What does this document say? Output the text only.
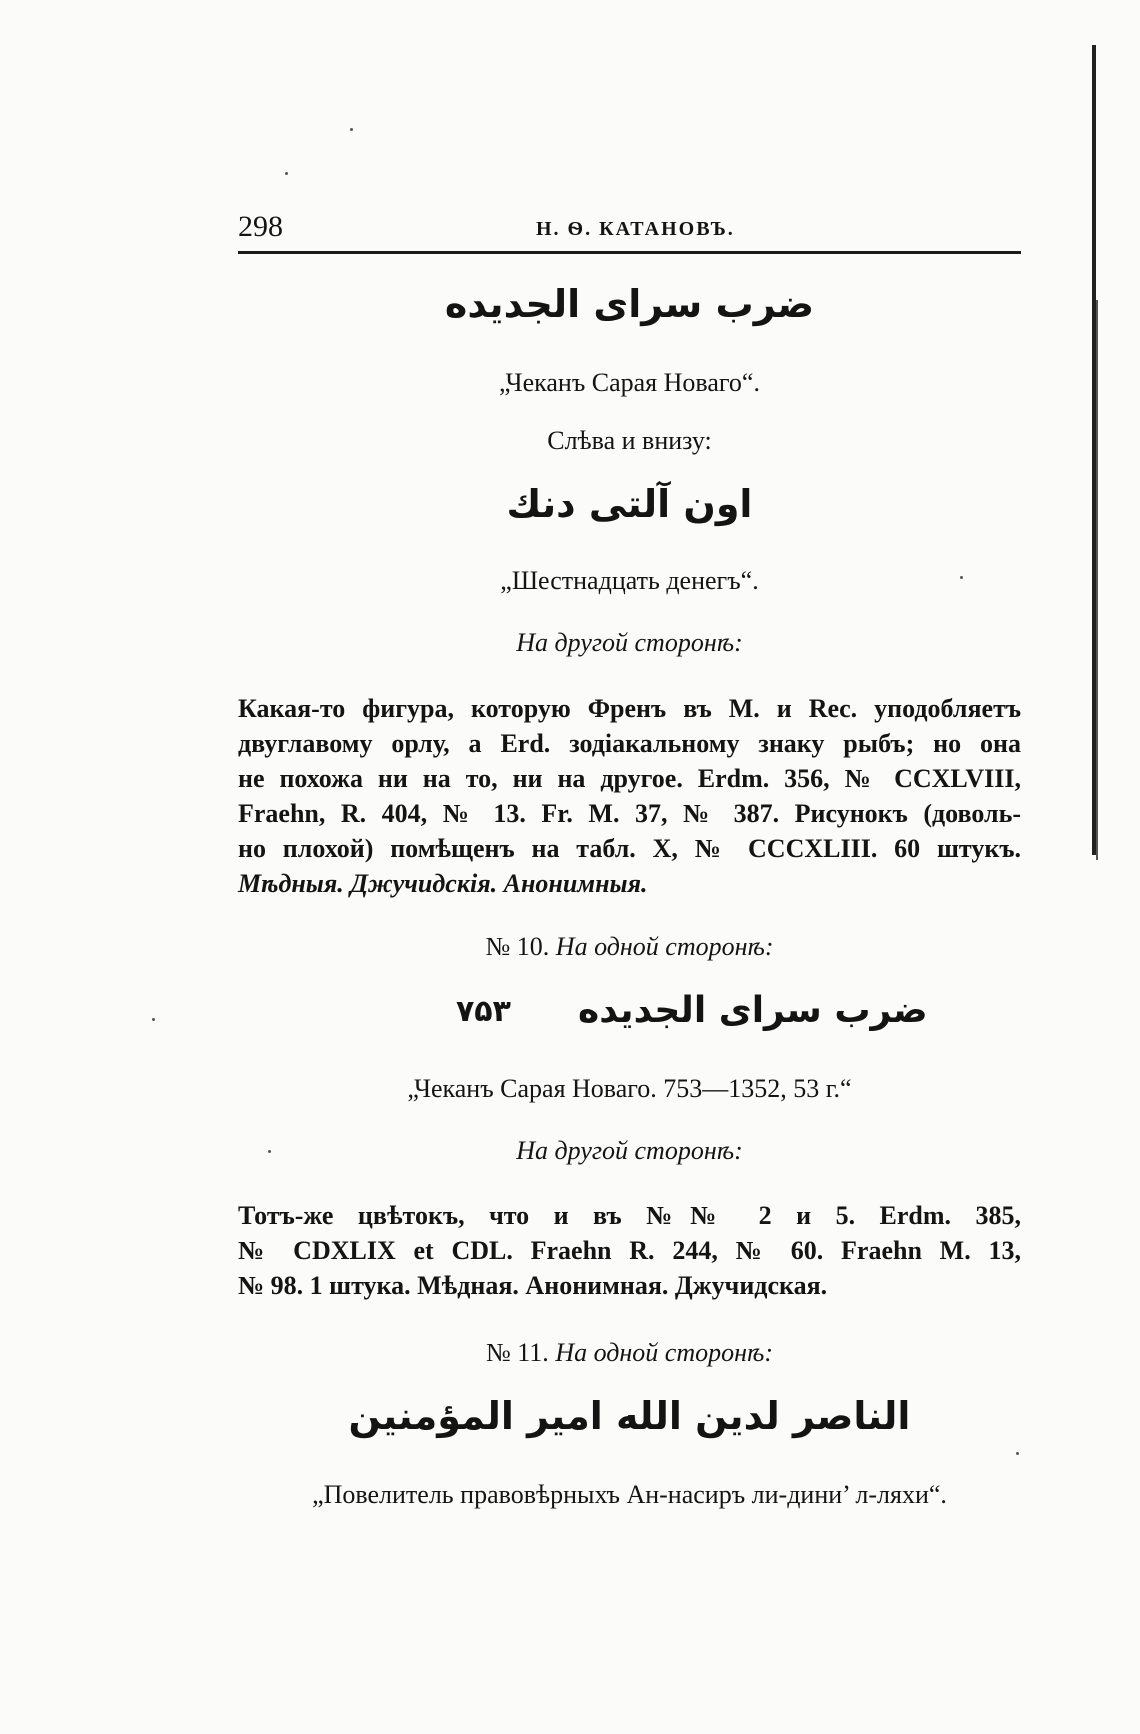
298	Н. Ѳ. КАТАНОВЪ.
ضرب سرای الجدیده
„Чеканъ Сарая Новаго“.
Слѣва и внизу:
اون آلتی دنك
„Шестнадцать денегъ“.
На другой сторонѣ:
Какая-то фигура, которую Френъ въ М. и Rec. уподобляетъ
двуглавому орлу, а Erd. зодіакальному знаку рыбъ; но она
не похожа ни на то, ни на другое. Erdm. 356, № CCXLVIII,
Fraehn, R. 404, № 13. Fr. M. 37, № 387. Рисунокъ (доволь-
но плохой) помѣщенъ на табл. X, № CCCXLIII. 60 штукъ.
Мѣдныя. Джучидскія. Анонимныя.
№ 10. На одной сторонѣ:
۷۵۳ ضرب سرای الجدیده
„Чеканъ Сарая Новаго. 753—1352, 53 г.“
На другой сторонѣ:
Тотъ-же цвѣтокъ, что и въ №№ 2 и 5. Erdm. 385,
№ CDXLIX et CDL. Fraehn R. 244, № 60. Fraehn M. 13,
№ 98. 1 штука. Мѣдная. Анонимная. Джучидская.
№ 11. На одной сторонѣ:
الناصر لدین الله امیر المؤمنین
„Повелитель правовѣрныхъ Ан-насиръ ли-дини’ л-ляхи“.
